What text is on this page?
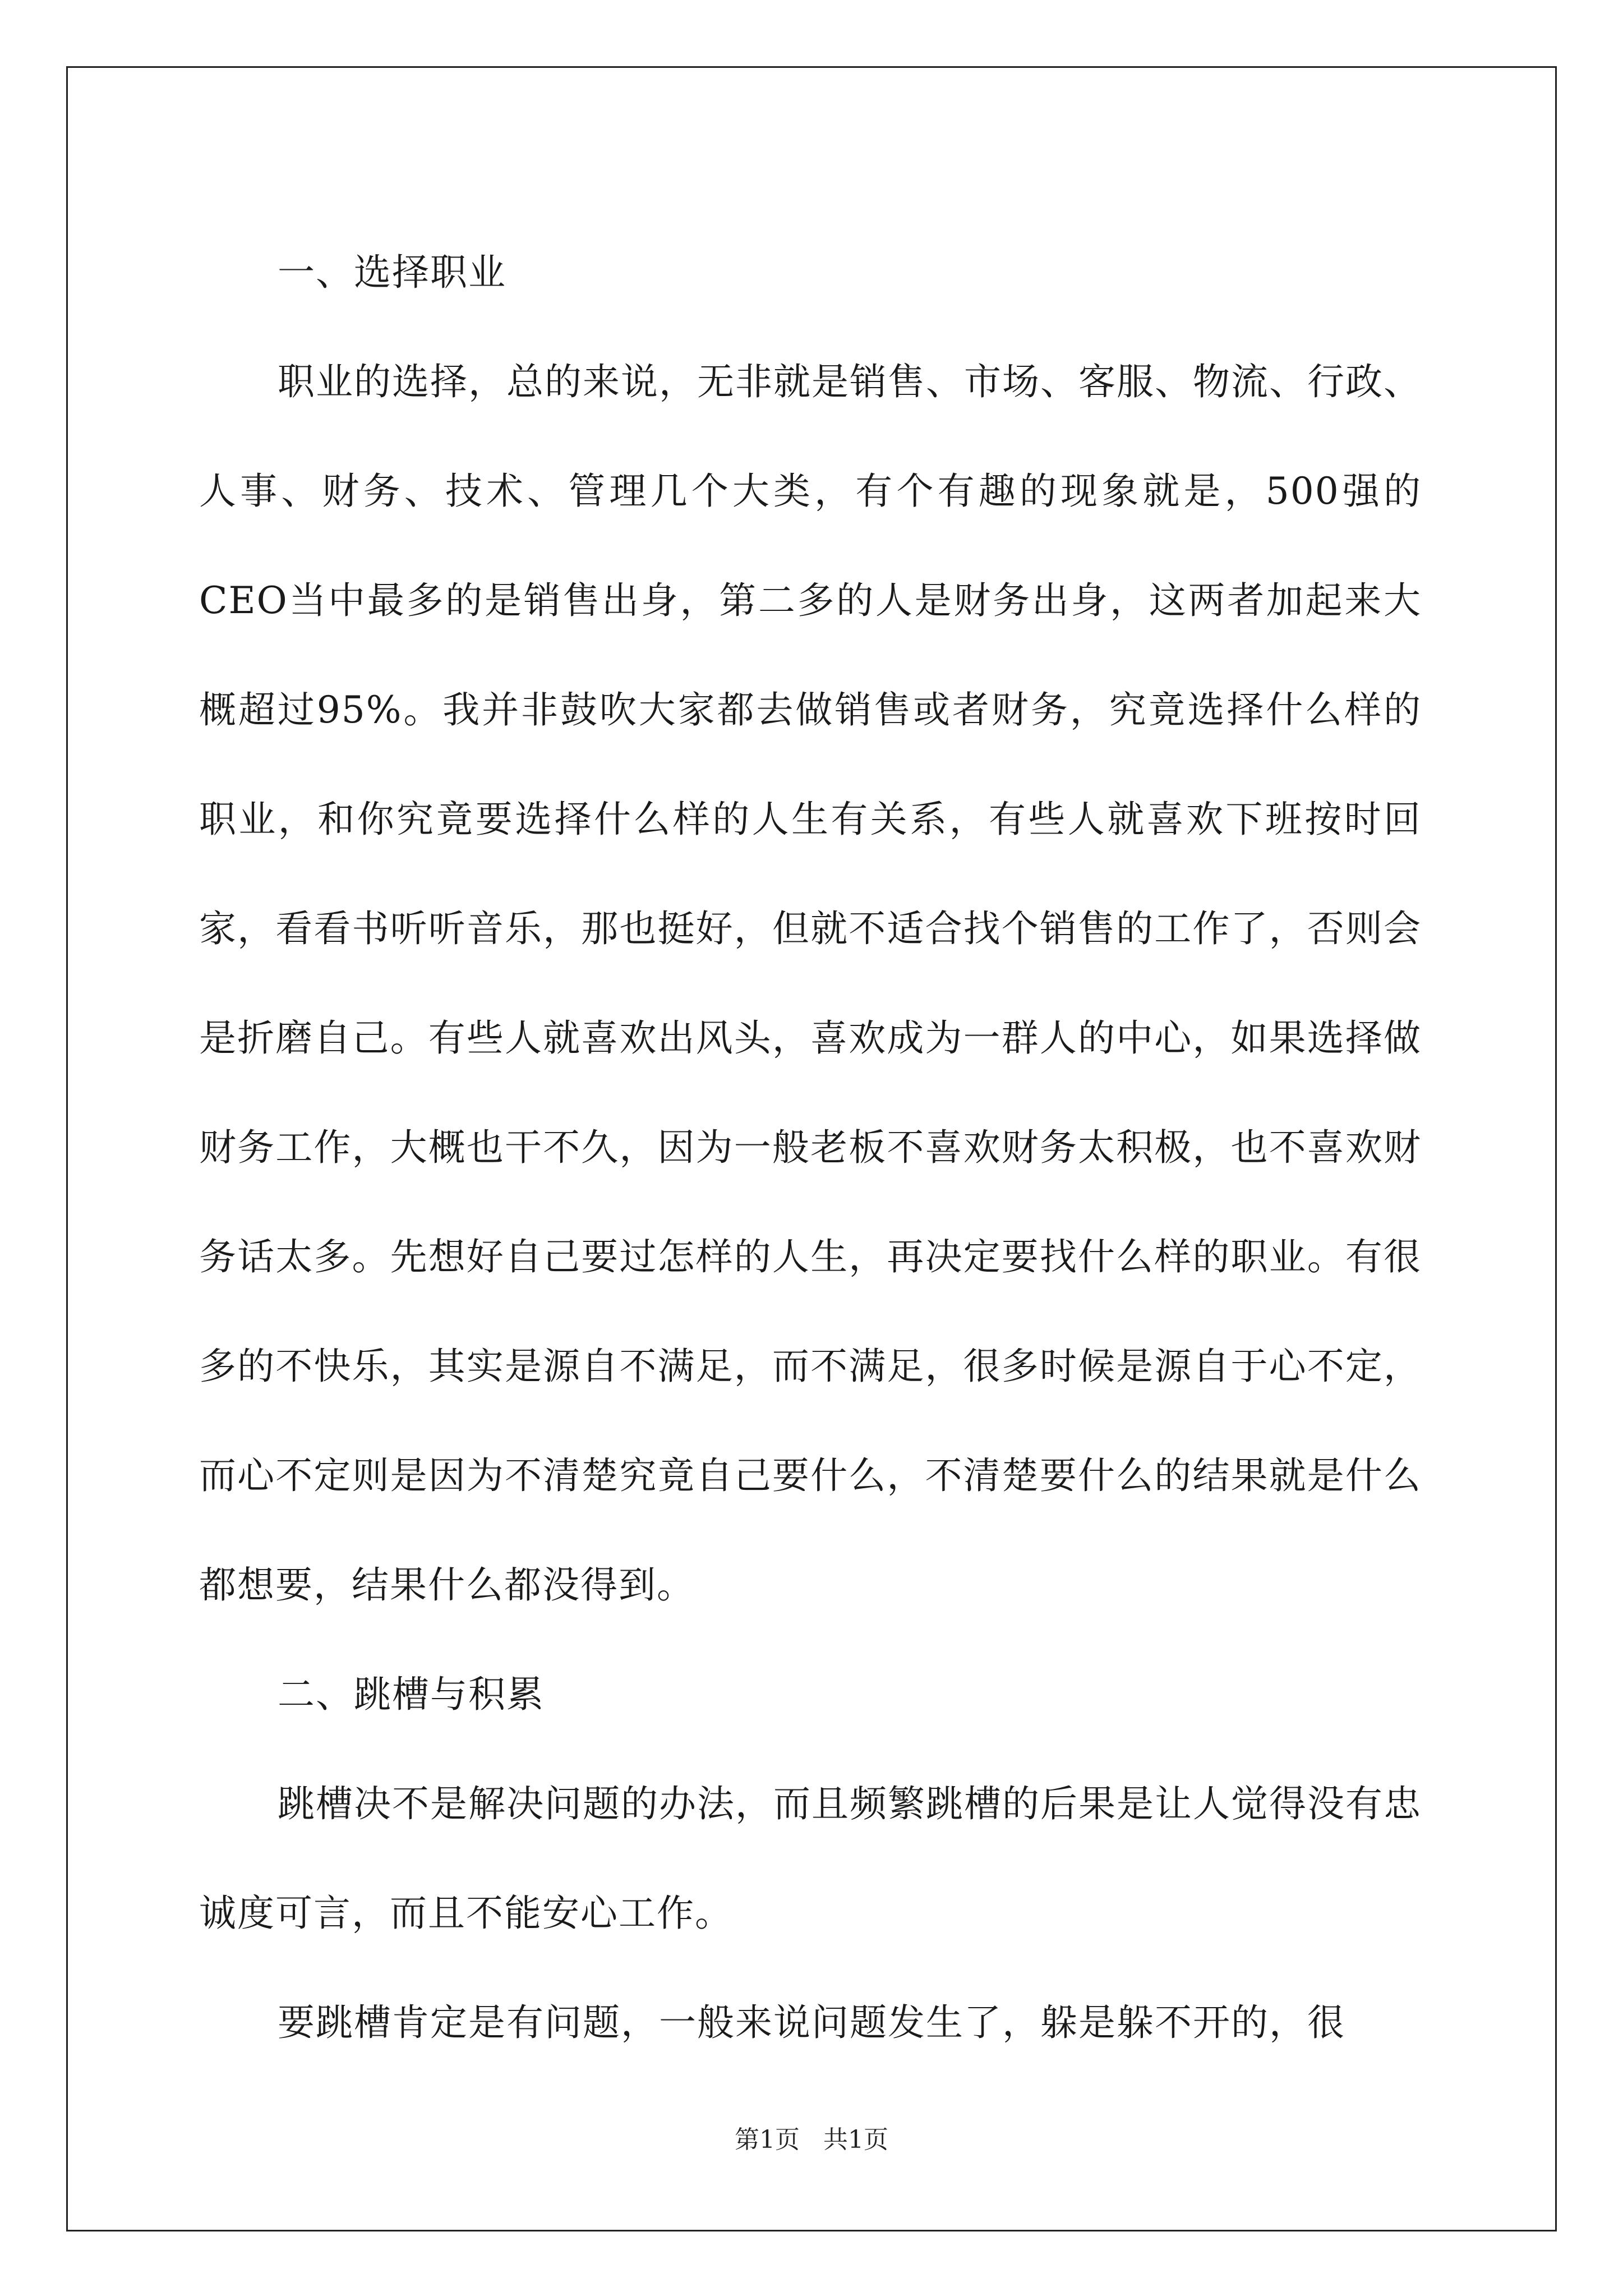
一、选择职业

职业的选择，总的来说，无非就是销售、市场、客服、物流、行政、人事、财务、技术、管理几个大类，有个有趣的现象就是，500强的CEO当中最多的是销售出身，第二多的人是财务出身，这两者加起来大概超过95%。我并非鼓吹大家都去做销售或者财务，究竟选择什么样的职业，和你究竟要选择什么样的人生有关系，有些人就喜欢下班按时回家，看看书听听音乐，那也挺好，但就不适合找个销售的工作了，否则会是折磨自己。有些人就喜欢出风头，喜欢成为一群人的中心，如果选择做财务工作，大概也干不久，因为一般老板不喜欢财务太积极，也不喜欢财务话太多。先想好自己要过怎样的人生，再决定要找什么样的职业。有很多的不快乐，其实是源自不满足，而不满足，很多时候是源自于心不定，而心不定则是因为不清楚究竟自己要什么，不清楚要什么的结果就是什么都想要，结果什么都没得到。

二、跳槽与积累

跳槽决不是解决问题的办法，而且频繁跳槽的后果是让人觉得没有忠诚度可言，而且不能安心工作。

要跳槽肯定是有问题，一般来说问题发生了，躲是躲不开的，很

第1页 共1页
